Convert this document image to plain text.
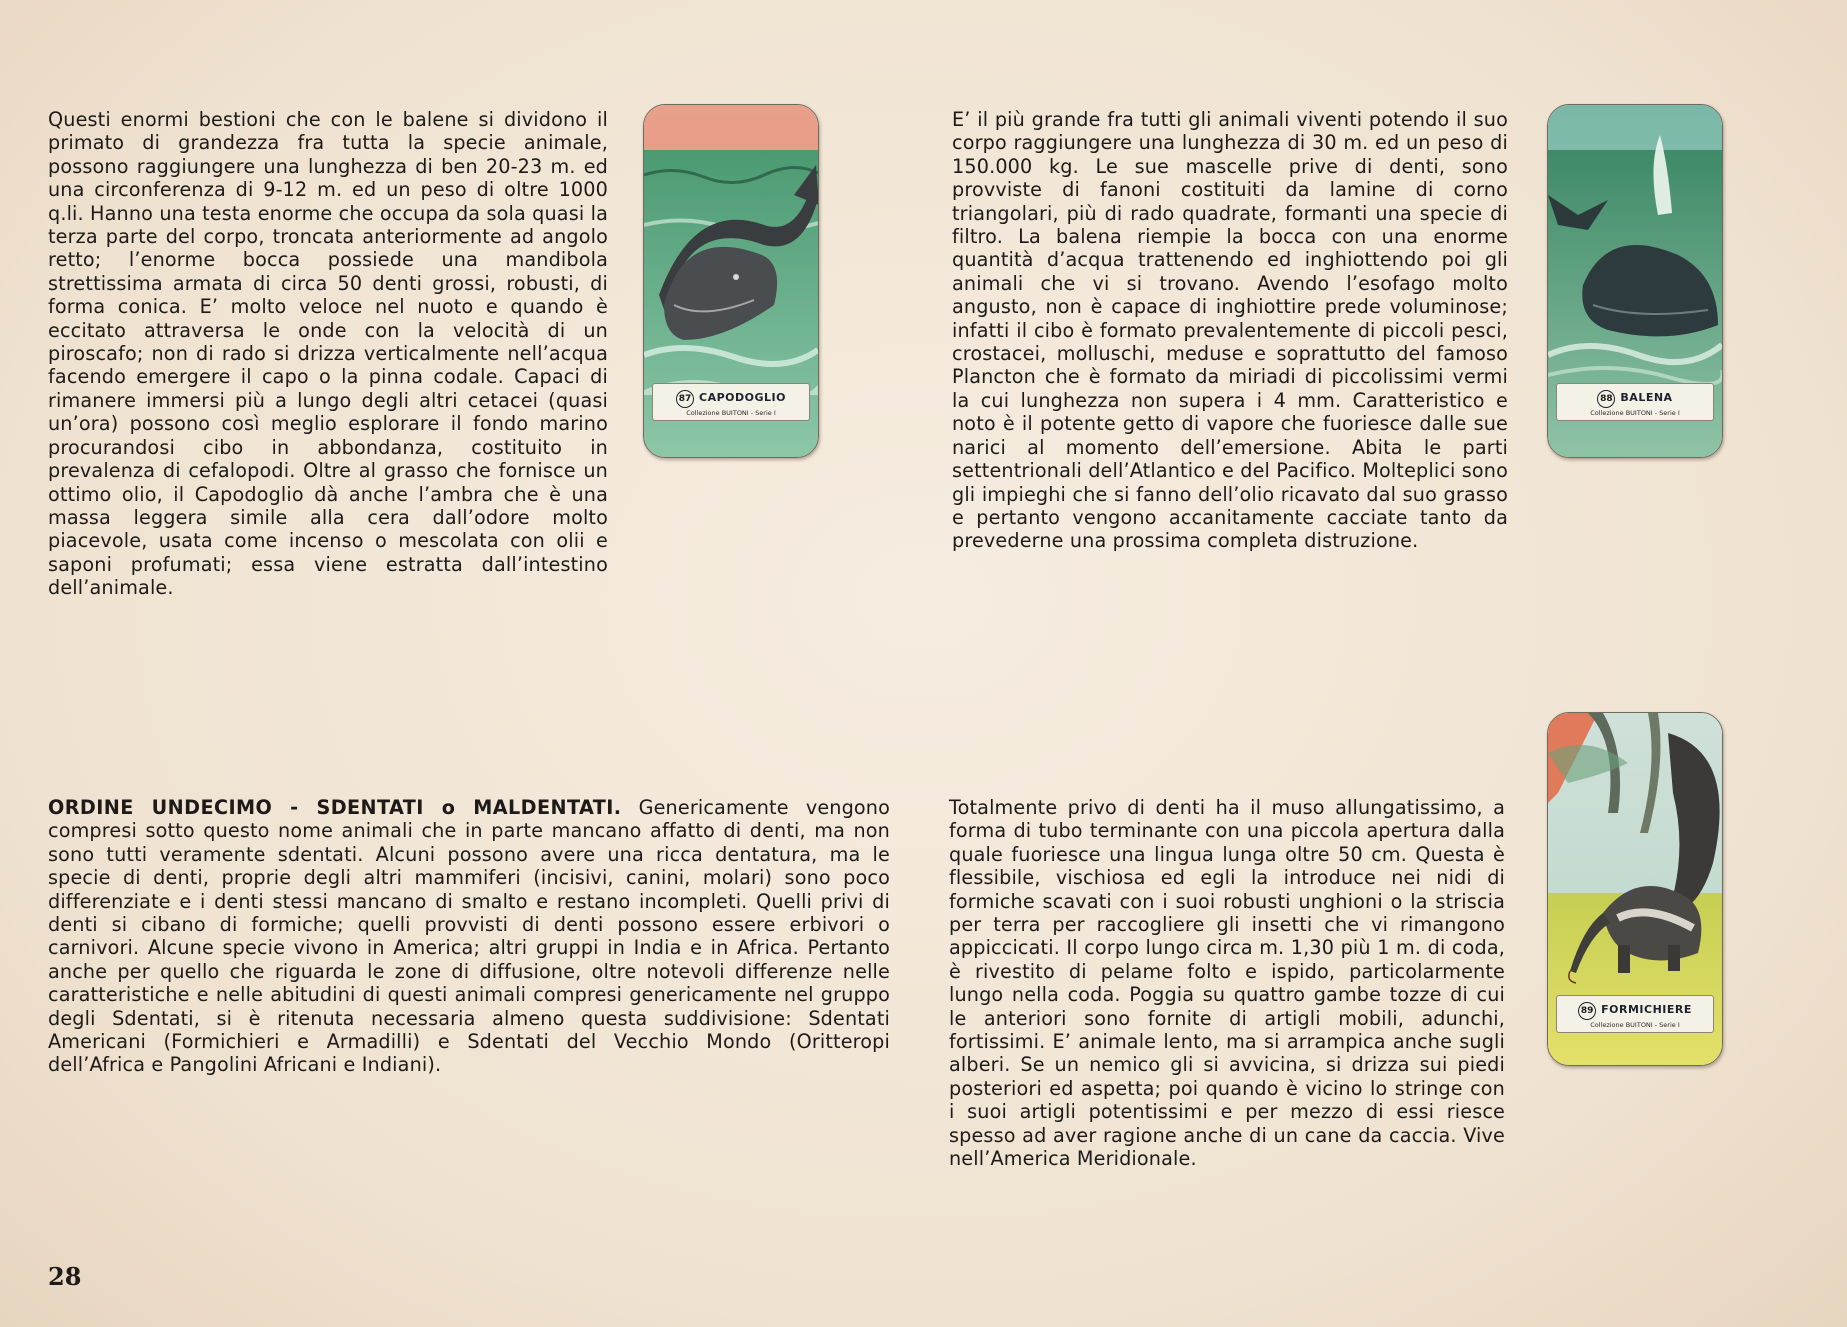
Questi enormi bestioni che con le balene si dividono il primato di grandezza fra tutta la specie animale, possono raggiungere una lunghezza di ben 20-23 m. ed una circonferenza di 9-12 m. ed un peso di oltre 1000 q.li. Hanno una testa enorme che occupa da sola quasi la terza parte del corpo, troncata anteriormente ad angolo retto; l’enorme bocca possiede una mandibola strettissima armata di circa 50 denti grossi, robusti, di forma conica. E’ molto veloce nel nuoto e quando è eccitato attraversa le onde con la velocità di un piroscafo; non di rado si drizza verticalmente nell’acqua facendo emergere il capo o la pinna codale. Capaci di rimanere immersi più a lungo degli altri cetacei (quasi un’ora) possono così meglio esplorare il fondo marino procurandosi cibo in abbondanza, costituito in prevalenza di cefalopodi. Oltre al grasso che fornisce un ottimo olio, il Capodoglio dà anche l’ambra che è una massa leggera simile alla cera dall’odore molto piacevole, usata come incenso o mescolata con olii e saponi profumati; essa viene estratta dall’intestino dell’animale.
87 CAPODOGLIO
Collezione BUITONI - Serie I
E’ il più grande fra tutti gli animali viventi potendo il suo corpo raggiungere una lunghezza di 30 m. ed un peso di 150.000 kg. Le sue mascelle prive di denti, sono provviste di fanoni costituiti da lamine di corno triangolari, più di rado quadrate, formanti una specie di filtro. La balena riempie la bocca con una enorme quantità d’acqua trattenendo ed inghiottendo poi gli animali che vi si trovano. Avendo l’esofago molto angusto, non è capace di inghiottire prede voluminose; infatti il cibo è formato prevalentemente di piccoli pesci, crostacei, molluschi, meduse e soprattutto del famoso Plancton che è formato da miriadi di piccolissimi vermi la cui lunghezza non supera i 4 mm. Caratteristico e noto è il potente getto di vapore che fuoriesce dalle sue narici al momento dell’emersione. Abita le parti settentrionali dell’Atlantico e del Pacifico. Molteplici sono gli impieghi che si fanno dell’olio ricavato dal suo grasso e pertanto vengono accanitamente cacciate tanto da prevederne una prossima completa distruzione.
88 BALENA
Collezione BUITONI - Serie I
ORDINE UNDECIMO - SDENTATI o MALDENTATI. Genericamente vengono compresi sotto questo nome animali che in parte mancano affatto di denti, ma non sono tutti veramente sdentati. Alcuni possono avere una ricca dentatura, ma le specie di denti, proprie degli altri mammiferi (incisivi, canini, molari) sono poco differenziate e i denti stessi mancano di smalto e restano incompleti. Quelli privi di denti si cibano di formiche; quelli provvisti di denti possono essere erbivori o carnivori. Alcune specie vivono in America; altri gruppi in India e in Africa. Pertanto anche per quello che riguarda le zone di diffusione, oltre notevoli differenze nelle caratteristiche e nelle abitudini di questi animali compresi genericamente nel gruppo degli Sdentati, si è ritenuta necessaria almeno questa suddivisione: Sdentati Americani (Formichieri e Armadilli) e Sdentati del Vecchio Mondo (Oritteropi dell’Africa e Pangolini Africani e Indiani).
Totalmente privo di denti ha il muso allungatissimo, a forma di tubo terminante con una piccola apertura dalla quale fuoriesce una lingua lunga oltre 50 cm. Questa è flessibile, vischiosa ed egli la introduce nei nidi di formiche scavati con i suoi robusti unghioni o la striscia per terra per raccogliere gli insetti che vi rimangono appiccicati. Il corpo lungo circa m. 1,30 più 1 m. di coda, è rivestito di pelame folto e ispido, particolarmente lungo nella coda. Poggia su quattro gambe tozze di cui le anteriori sono fornite di artigli mobili, adunchi, fortissimi. E’ animale lento, ma si arrampica anche sugli alberi. Se un nemico gli si avvicina, si drizza sui piedi posteriori ed aspetta; poi quando è vicino lo stringe con i suoi artigli potentissimi e per mezzo di essi riesce spesso ad aver ragione anche di un cane da caccia. Vive nell’America Meridionale.
89 FORMICHIERE
Collezione BUITONI - Serie I
28
